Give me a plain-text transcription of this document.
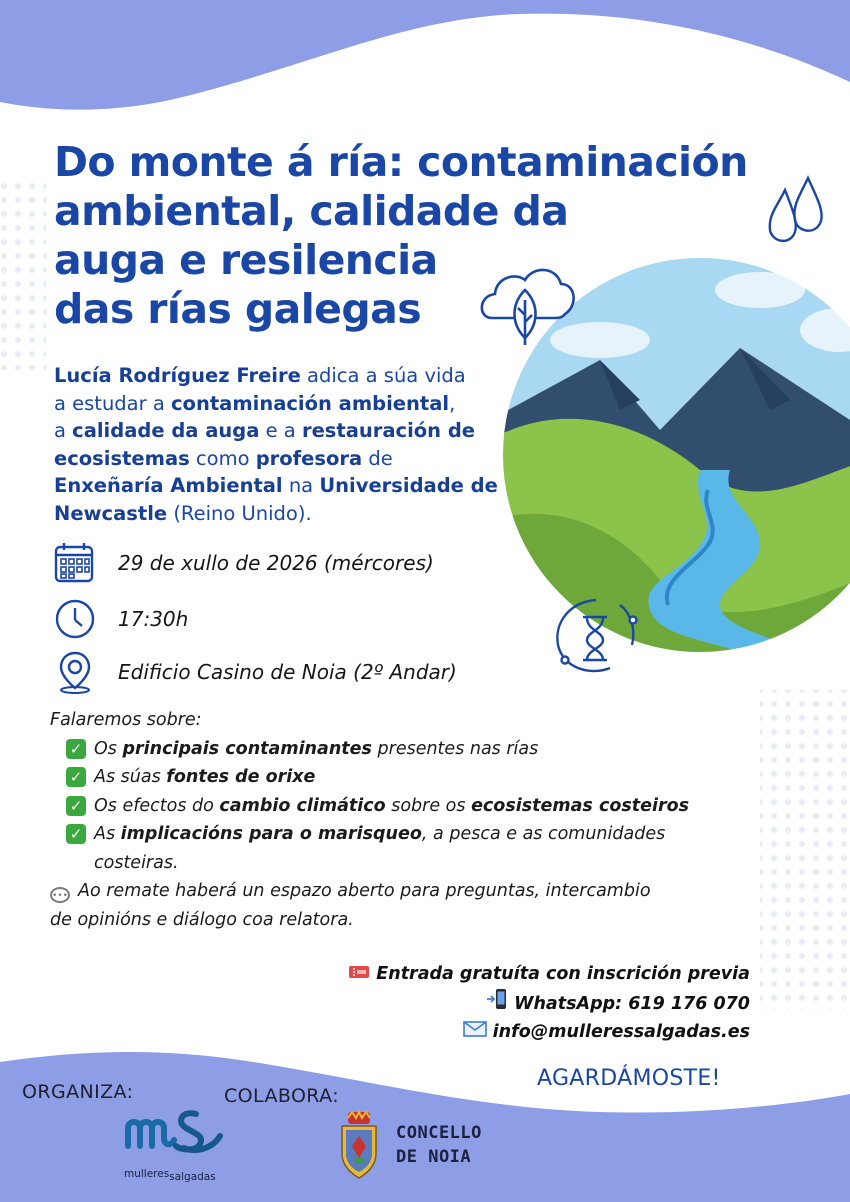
Do monte á ría: contaminación
ambiental, calidade da
auga e resilencia
das rías galegas
Lucía Rodríguez Freire adica a súa vida
a estudar a contaminación ambiental,
a calidade da auga e a restauración de
ecosistemas como profesora de
Enxeñaría Ambiental na Universidade de
Newcastle (Reino Unido).
29 de xullo de 2026 (mércores)
17:30h
Edificio Casino de Noia (2º Andar)
Falaremos sobre:
✓ Os principais contaminantes presentes nas rías
✓ As súas fontes de orixe
✓ Os efectos do cambio climático sobre os ecosistemas costeiros
✓ As implicacións para o marisqueo, a pesca e as comunidades
costeiras.
••• Ao remate haberá un espazo aberto para preguntas, intercambio
de opinións e diálogo coa relatora.
Entrada gratuíta con inscrición previa
WhatsApp: 619 176 070
info@mulleressalgadas.es
AGARDÁMOSTE!
ORGANIZA:	COLABORA:
mulleressalgadas
CONCELLO
DE NOIA
